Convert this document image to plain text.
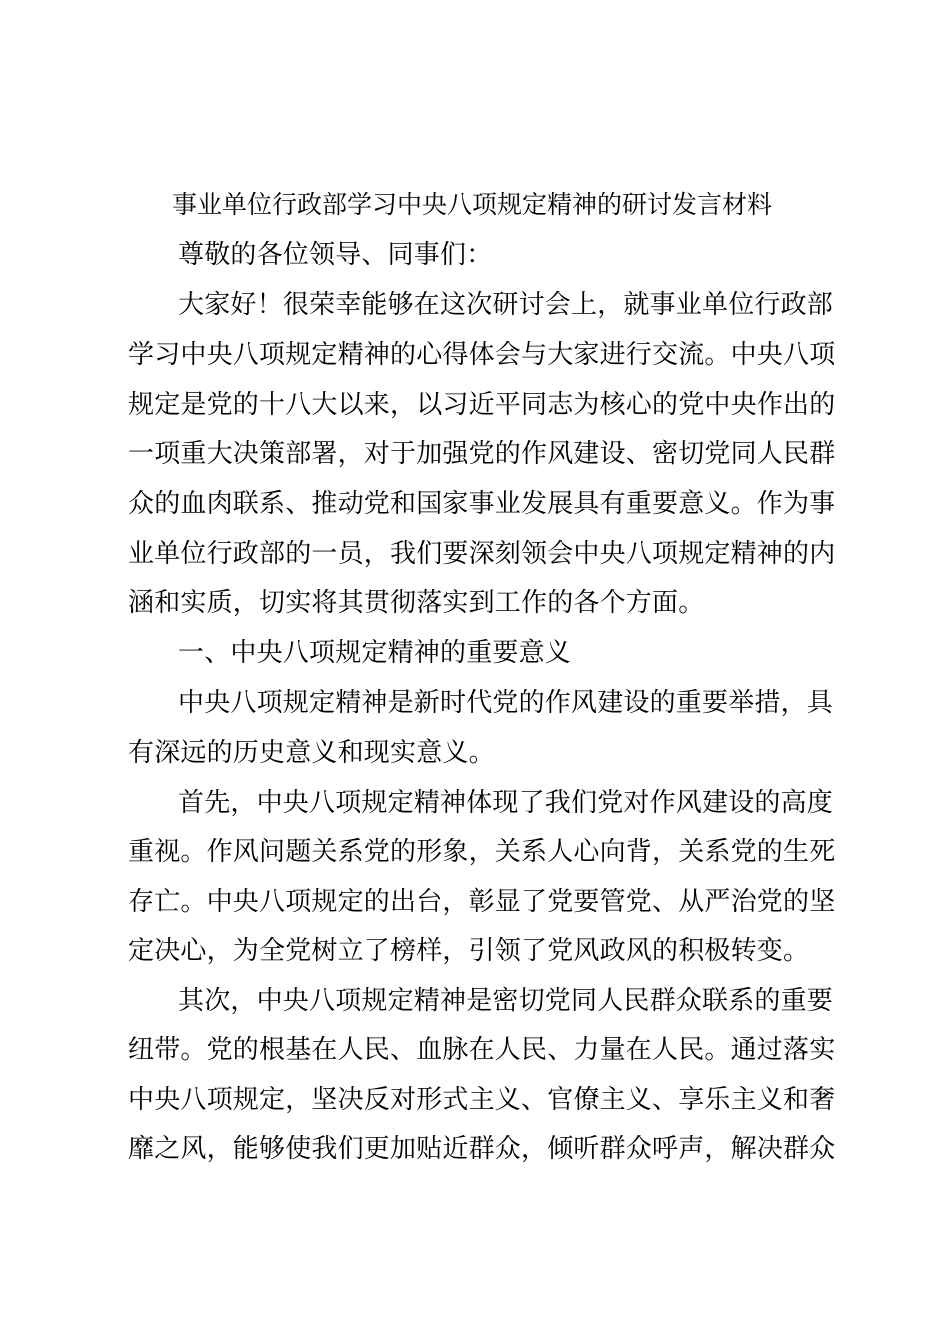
事业单位行政部学习中央八项规定精神的研讨发言材料
尊敬的各位领导、同事们：
大家好！很荣幸能够在这次研讨会上，就事业单位行政部
学习中央八项规定精神的心得体会与大家进行交流。中央八项
规定是党的十八大以来，以习近平同志为核心的党中央作出的
一项重大决策部署，对于加强党的作风建设、密切党同人民群
众的血肉联系、推动党和国家事业发展具有重要意义。作为事
业单位行政部的一员，我们要深刻领会中央八项规定精神的内
涵和实质，切实将其贯彻落实到工作的各个方面。
一、中央八项规定精神的重要意义
中央八项规定精神是新时代党的作风建设的重要举措，具
有深远的历史意义和现实意义。
首先，中央八项规定精神体现了我们党对作风建设的高度
重视。作风问题关系党的形象，关系人心向背，关系党的生死
存亡。中央八项规定的出台，彰显了党要管党、从严治党的坚
定决心，为全党树立了榜样，引领了党风政风的积极转变。
其次，中央八项规定精神是密切党同人民群众联系的重要
纽带。党的根基在人民、血脉在人民、力量在人民。通过落实
中央八项规定，坚决反对形式主义、官僚主义、享乐主义和奢
靡之风，能够使我们更加贴近群众，倾听群众呼声，解决群众
